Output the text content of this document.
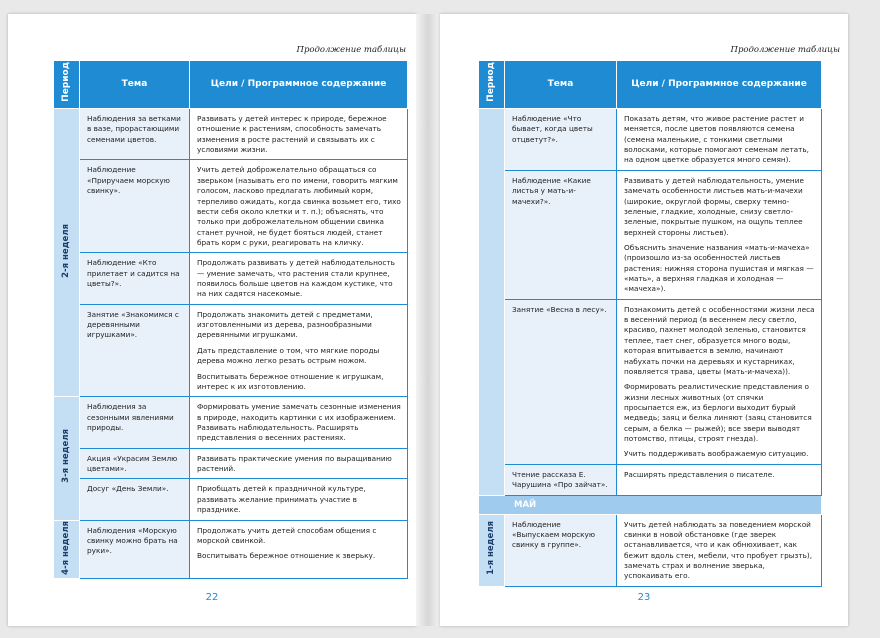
Продолжение таблицы
Период	Тема	Цели / Программное содержание
2-я неделя	Наблюдения за ветками в вазе, прорастающими семенами цветов.	Развивать у детей интерес к природе, бережное отношение к растениям, способность замечать изменения в росте растений и связывать их с условиями жизни.

	Наблюдение «Приручаем морскую свинку».	Учить детей доброжелательно обращаться со зверьком (называть его по имени, говорить мягким голосом, ласково предлагать любимый корм, терпеливо ожидать, когда свинка возьмет его, тихо вести себя около клетки и т. п.); объяснять, что только при доброжелательном общении свинка станет ручной, не будет бояться людей, станет брать корм с руки, реагировать на кличку.

	Наблюдение «Кто прилетает и садится на цветы?».	Продолжать развивать у детей наблюдательность — умение замечать, что растения стали крупнее, появилось больше цветов на каждом кустике, что на них садятся насекомые.

	Занятие «Знакомимся с деревянными игрушками».	Продолжать знакомить детей с предметами, изготовленными из дерева, разнообразными деревянными игрушками.

Дать представление о том, что мягкие породы дерева можно легко резать острым ножом.

Воспитывать бережное отношение к игрушкам, интерес к их изготовлению.

3-я неделя	Наблюдения за сезонными явлениями природы.	Формировать умение замечать сезонные изменения в природе, находить картинки с их изображением. Развивать наблюдательность. Расширять представления о весенних растениях.

	Акция «Украсим Землю цветами».	Развивать практические умения по выращиванию растений.

	Досуг «День Земли».	Приобщать детей к праздничной культуре, развивать желание принимать участие в празднике.

4-я неделя	Наблюдения «Морскую свинку можно брать на руки».	Продолжать учить детей способам общения с морской свинкой.

Воспитывать бережное отношение к зверьку.

22
Продолжение таблицы
Период	Тема	Цели / Программное содержание
	Наблюдение «Что бывает, когда цветы отцветут?».	Показать детям, что живое растение растет и меняется, после цветов появляются семена (семена маленькие, с тонкими светлыми волосками, которые помогают семенам летать, на одном цветке образуется много семян).

	Наблюдение «Какие листья у мать-и-мачехи?».	Развивать у детей наблюдательность, умение замечать особенности листьев мать-и-мачехи (широкие, округлой формы, сверху темно-зеленые, гладкие, холодные, снизу светло-зеленые, покрытые пушком, на ощупь теплее верхней стороны листьев).

Объяснить значение названия «мать-и-мачеха» (произошло из-за особенностей листьев растения: нижняя сторона пушистая и мягкая — «мать», а верхняя гладкая и холодная — «мачеха»).

	Занятие «Весна в лесу».	Познакомить детей с особенностями жизни леса в весенний период (в весеннем лесу светло, красиво, пахнет молодой зеленью, становится теплее, тает снег, образуется много воды, которая впитывается в землю, начинают набухать почки на деревьях и кустарниках, появляется трава, цветы (мать-и-мачеха)).

Формировать реалистические представления о жизни лесных животных (от спячки просыпается еж, из берлоги выходит бурый медведь; заяц и белка линяют (заяц становится серым, а белка — рыжей); все звери выводят потомство, птицы, строят гнезда).

Учить поддерживать воображаемую ситуацию.

	Чтение рассказа Е. Чарушина «Про зайчат».	Расширять представления о писателе.

МАЙ		
1-я неделя	Наблюдение «Выпускаем морскую свинку в группе».	Учить детей наблюдать за поведением морской свинки в новой обстановке (где зверек останавливается, что и как обнюхивает, как бежит вдоль стен, мебели, что пробует грызть), замечать страх и волнение зверька, успокаивать его.

23
